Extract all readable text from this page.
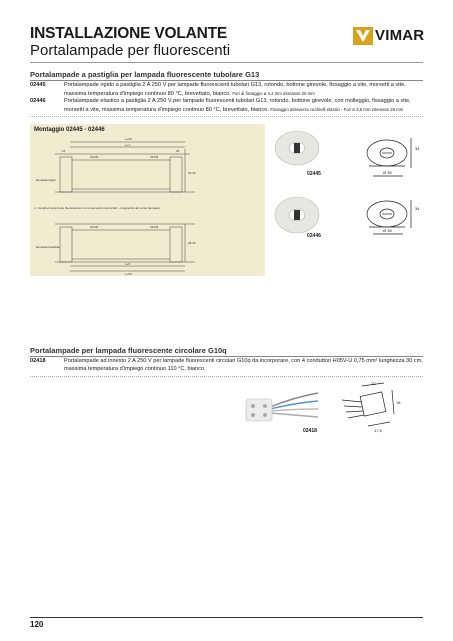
INSTALLAZIONE VOLANTE
Portalampade per fluorescenti
VIMAR
Portalampade a pastiglia per lampada fluorescente tubolare G13
02445	Portalampade rigido a pastiglia 2 A 250 V per lampade fluorescenti tubolari G13, rotondo, bottone girevole, fissaggio a vite, morsetti a vite, massima temperatura d'impiego continuo 80 °C, brevettato, bianco. Fori di fissaggio ø 4,2 mm interasse 26 mm
02446	Portalampade elastico a pastiglia 2 A 250 V per lampade fluorescenti tubolari G13, rotondo, bottone girevole, con molleggio, fissaggio a vite, morsetti a vite, massima temperatura d'impiego continuo 80 °C, brevettato, bianco. Fissaggio attraverso occhielli elastici - Fori ø 3,5 mm interasse 26 mm
Montaggio 02445 - 02446
L+90
L+1
16	25
02445	02445
lampada rigido
L = lunghezza del tubo fluorescente in mm secondo norma IEC - lunghezza del corpo lampada
02446	02446
lampada flessibile
L+5
L+60
30-32
28-30
02445
02446
34
Ø 35
34
Ø 35
Portalampade per lampada fluorescente circolare G10q
02418	Portalampade ad innesto 2 A 250 V per lampade fluorescenti circolari G10q da incorporare, con 4 conduttori H05V-U 0,75 mm² lunghezza 30 cm, massima temperatura d'impiego continuo 110 °C, bianco.
02418
22
18
17,5
120
